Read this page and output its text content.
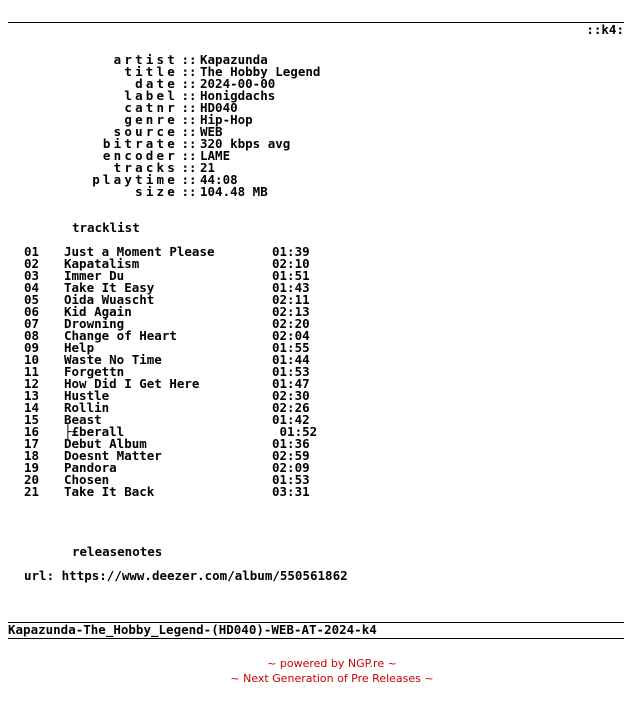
::k4:
artist :: Kapazunda
title :: The Hobby Legend
date :: 2024-00-00
label :: Honigdachs
catnr :: HD040
genre :: Hip-Hop
source :: WEB
bitrate :: 320 kbps avg
encoder :: LAME
tracks :: 21
playtime :: 44:08
size :: 104.48 MB
tracklist
01	Just a Moment Please	01:39
02	Kapatalism	02:10
03	Immer Du	01:51
04	Take It Easy	01:43
05	Oida Wuascht	02:11
06	Kid Again	02:13
07	Drowning	02:20
08	Change of Heart	02:04
09	Help	01:55
10	Waste No Time	01:44
11	Forgettn	01:53
12	How Did I Get Here	01:47
13	Hustle	02:30
14	Rollin	02:26
15	Beast	01:42
16	├£berall	01:52
17	Debut Album	01:36
18	Doesnt Matter	02:59
19	Pandora	02:09
20	Chosen	01:53
21	Take It Back	03:31
releasenotes
url: https://www.deezer.com/album/550561862
Kapazunda-The_Hobby_Legend-(HD040)-WEB-AT-2024-k4
~ powered by NGP.re ~
~ Next Generation of Pre Releases ~
